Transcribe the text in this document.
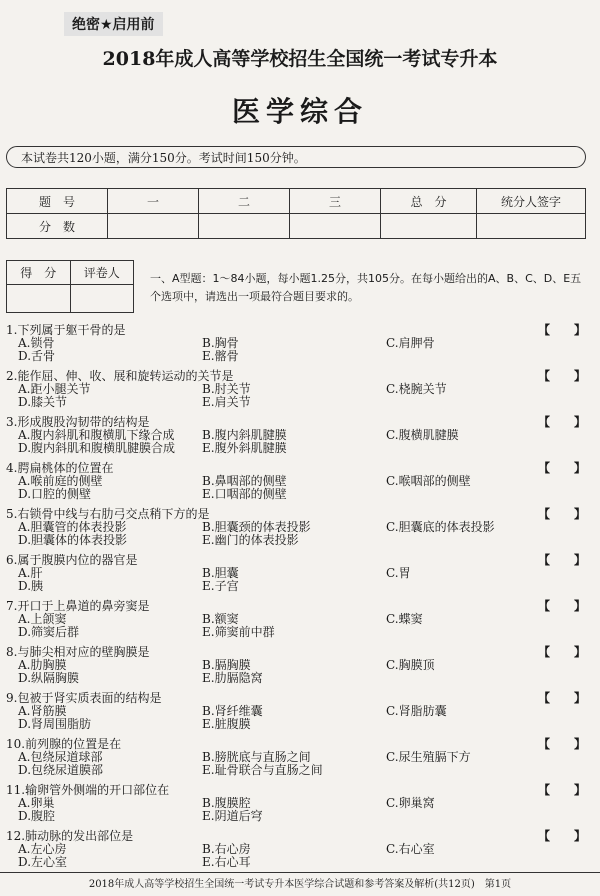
绝密★启用前
2018年成人高等学校招生全国统一考试专升本
医学综合
本试卷共120小题，满分150分。考试时间150分钟。
题　号	一	二	三	总　分	统分人签字
分　数					
得　分	评卷人
		一、A型题：1～84小题，每小题1.25分，共105分。在每小题给出的A、B、C、D、E五个选项中，请选出一项最符合题目要求的。
1.下列属于躯干骨的是	【　　】
A.锁骨	B.胸骨	C.肩胛骨
D.舌骨	E.髂骨
2.能作屈、伸、收、展和旋转运动的关节是	【　　】
A.距小腿关节	B.肘关节	C.桡腕关节
D.膝关节	E.肩关节
3.形成腹股沟韧带的结构是	【　　】
A.腹内斜肌和腹横肌下缘合成 B.腹内斜肌腱膜	C.腹横肌腱膜
D.腹内斜肌和腹横肌腱膜合成 E.腹外斜肌腱膜
4.腭扁桃体的位置在	【　　】
A.喉前庭的侧壁	B.鼻咽部的侧壁	C.喉咽部的侧壁
D.口腔的侧壁	E.口咽部的侧壁
5.右锁骨中线与右肋弓交点稍下方的是	【　　】
A.胆囊管的体表投影	B.胆囊颈的体表投影	C.胆囊底的体表投影
D.胆囊体的体表投影	E.幽门的体表投影
6.属于腹膜内位的器官是	【　　】
A.肝	B.胆囊	C.胃
D.胰	E.子宫
7.开口于上鼻道的鼻旁窦是	【　　】
A.上颌窦	B.额窦	C.蝶窦
D.筛窦后群	E.筛窦前中群
8.与肺尖相对应的壁胸膜是	【　　】
A.肋胸膜	B.膈胸膜	C.胸膜顶
D.纵隔胸膜	E.肋膈隐窝
9.包被于肾实质表面的结构是	【　　】
A.肾筋膜	B.肾纤维囊	C.肾脂肪囊
D.肾周围脂肪	E.脏腹膜
10.前列腺的位置是在	【　　】
A.包绕尿道球部	B.膀胱底与直肠之间	C.尿生殖膈下方
D.包绕尿道膜部	E.耻骨联合与直肠之间
11.输卵管外侧端的开口部位在	【　　】
A.卵巢	B.腹膜腔	C.卵巢窝
D.腹腔	E.阴道后穹
12.肺动脉的发出部位是	【　　】
A.左心房	B.右心房	C.右心室
D.左心室	E.右心耳
2018年成人高等学校招生全国统一考试专升本医学综合试题和参考答案及解析(共12页)　第1页
